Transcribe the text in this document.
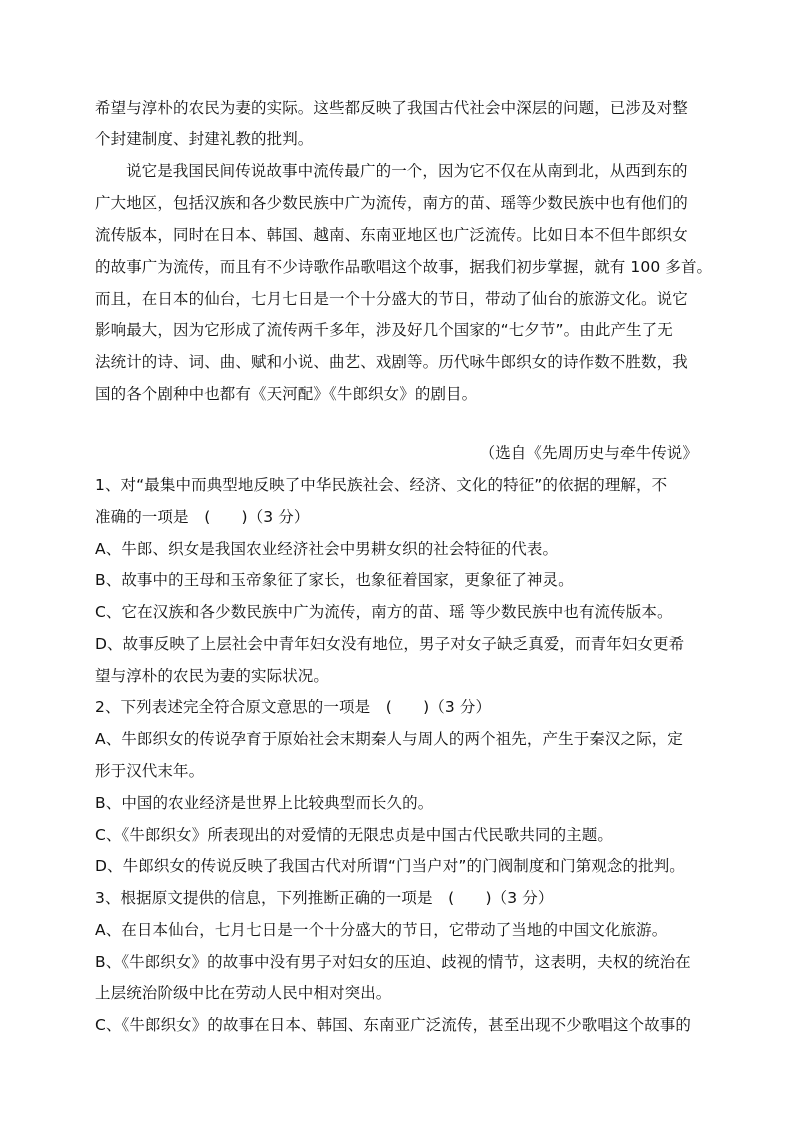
希望与淳朴的农民为妻的实际。这些都反映了我国古代社会中深层的问题，已涉及对整
个封建制度、封建礼教的批判。
说它是我国民间传说故事中流传最广的一个，因为它不仅在从南到北，从西到东的
广大地区，包括汉族和各少数民族中广为流传，南方的苗、瑶等少数民族中也有他们的
流传版本，同时在日本、韩国、越南、东南亚地区也广泛流传。比如日本不但牛郎织女
的故事广为流传，而且有不少诗歌作品歌唱这个故事，据我们初步掌握，就有 100 多首。
而且，在日本的仙台，七月七日是一个十分盛大的节日，带动了仙台的旅游文化。说它
影响最大，因为它形成了流传两千多年，涉及好几个国家的“七夕节”。由此产生了无
法统计的诗、词、曲、赋和小说、曲艺、戏剧等。历代咏牛郎织女的诗作数不胜数，我
国的各个剧种中也都有《天河配》《牛郎织女》的剧目。
（选自《先周历史与牵牛传说》
1、对“最集中而典型地反映了中华民族社会、经济、文化的特征”的依据的理解，不
准确的一项是　(　　)（3 分）
A、牛郎、织女是我国农业经济社会中男耕女织的社会特征的代表。
B、故事中的王母和玉帝象征了家长，也象征着国家，更象征了神灵。
C、它在汉族和各少数民族中广为流传，南方的苗、瑶 等少数民族中也有流传版本。
D、故事反映了上层社会中青年妇女没有地位，男子对女子缺乏真爱，而青年妇女更希
望与淳朴的农民为妻的实际状况。
2、下列表述完全符合原文意思的一项是　(　　)（3 分）
A、牛郎织女的传说孕育于原始社会末期秦人与周人的两个祖先，产生于秦汉之际，定
形于汉代末年。
B、中国的农业经济是世界上比较典型而长久的。
C、《牛郎织女》所表现出的对爱情的无限忠贞是中国古代民歌共同的主题。
D、牛郎织女的传说反映了我国古代对所谓“门当户对”的门阀制度和门第观念的批判。
3、根据原文提供的信息，下列推断正确的一项是　(　　)（3 分）
A、在日本仙台，七月七日是一个十分盛大的节日，它带动了当地的中国文化旅游。
B、《牛郎织女》的故事中没有男子对妇女的压迫、歧视的情节，这表明，夫权的统治在
上层统治阶级中比在劳动人民中相对突出。
C、《牛郎织女》的故事在日本、韩国、东南亚广泛流传，甚至出现不少歌唱这个故事的
